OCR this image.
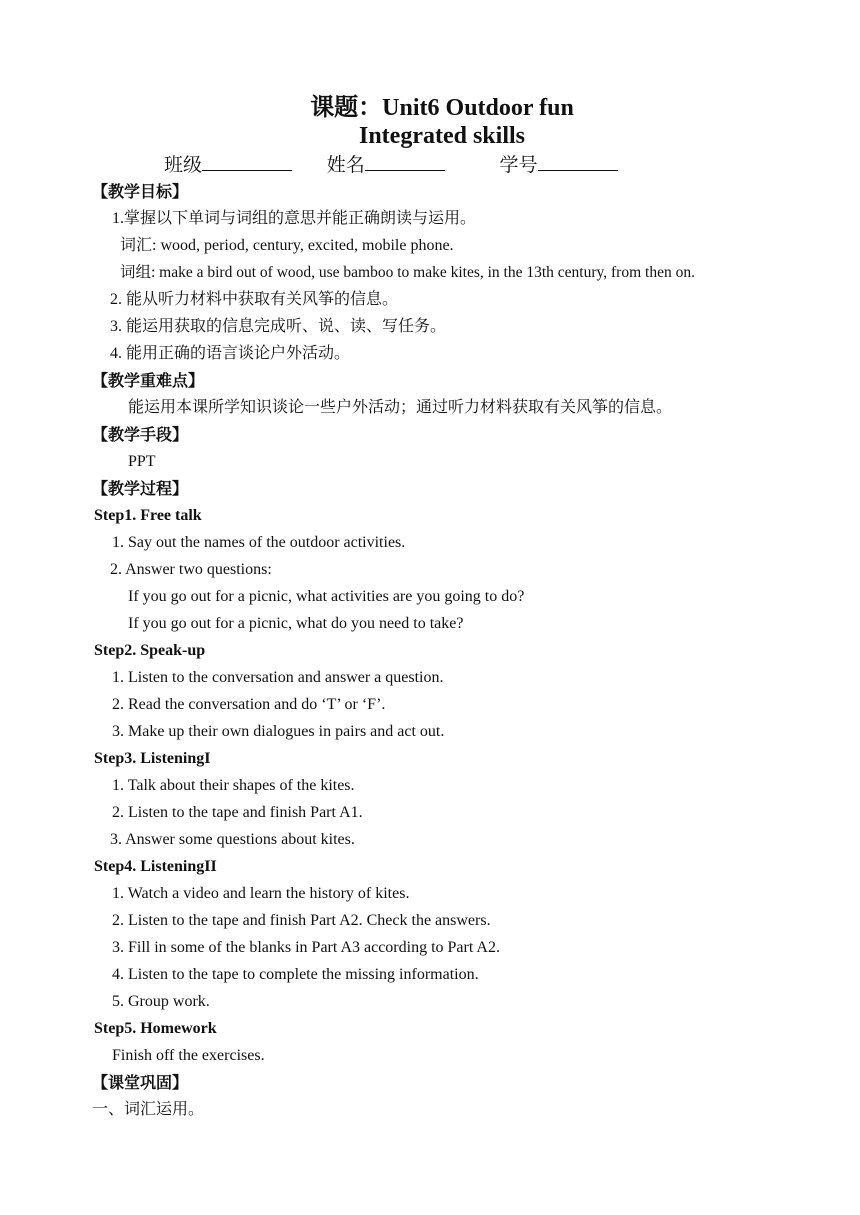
课题：Unit6 Outdoor fun
Integrated skills
班级	姓名	学号
【教学目标】
1.掌握以下单词与词组的意思并能正确朗读与运用。
词汇: wood, period, century, excited, mobile phone.
词组: make a bird out of wood, use bamboo to make kites, in the 13th century, from then on.
2. 能从听力材料中获取有关风筝的信息。
3. 能运用获取的信息完成听、说、读、写任务。
4. 能用正确的语言谈论户外活动。
【教学重难点】
能运用本课所学知识谈论一些户外活动；通过听力材料获取有关风筝的信息。
【教学手段】
PPT
【教学过程】
Step1. Free talk
1. Say out the names of the outdoor activities.
2. Answer two questions:
If you go out for a picnic, what activities are you going to do?
If you go out for a picnic, what do you need to take?
Step2. Speak-up
1. Listen to the conversation and answer a question.
2. Read the conversation and do ‘T’ or ‘F’.
3. Make up their own dialogues in pairs and act out.
Step3. ListeningI
1. Talk about their shapes of the kites.
2. Listen to the tape and finish Part A1.
3. Answer some questions about kites.
Step4. ListeningII
1. Watch a video and learn the history of kites.
2. Listen to the tape and finish Part A2. Check the answers.
3. Fill in some of the blanks in Part A3 according to Part A2.
4. Listen to the tape to complete the missing information.
5. Group work.
Step5. Homework
Finish off the exercises.
【课堂巩固】
一、词汇运用。
